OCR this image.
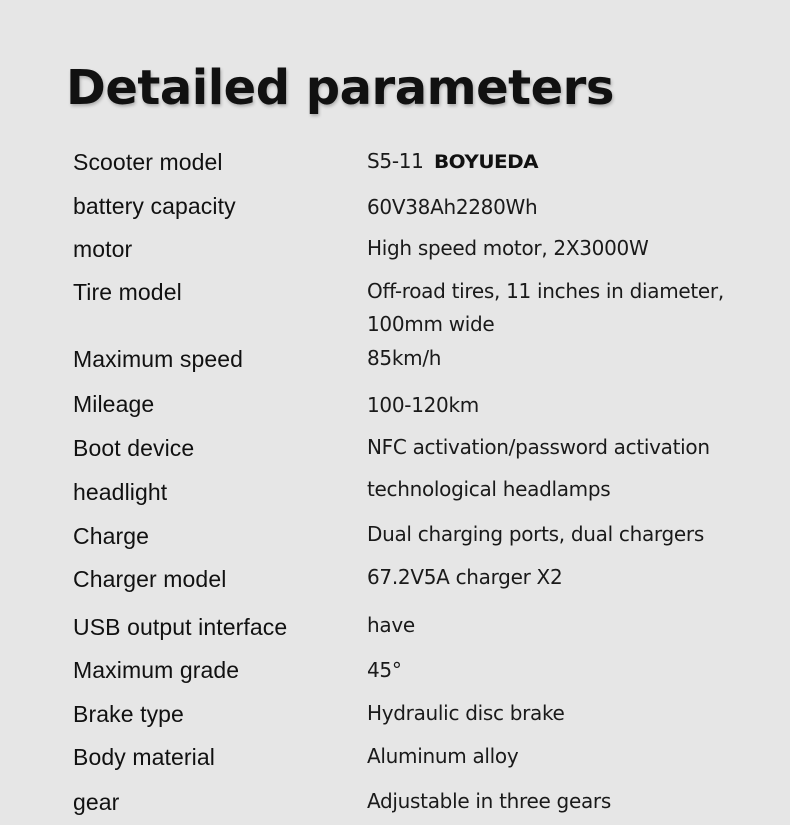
Detailed parameters
Scooter model	S5-11 BOYUEDA
battery capacity	60V38Ah2280Wh
motor	High speed motor, 2X3000W
Tire model	Off-road tires, 11 inches in diameter,
100mm wide
Maximum speed	85km/h
Mileage	100-120km
Boot device	NFC activation/password activation
headlight	technological headlamps
Charge	Dual charging ports, dual chargers
Charger model	67.2V5A charger X2
USB output interface	have
Maximum grade	45°
Brake type	Hydraulic disc brake
Body material	Aluminum alloy
gear	Adjustable in three gears
